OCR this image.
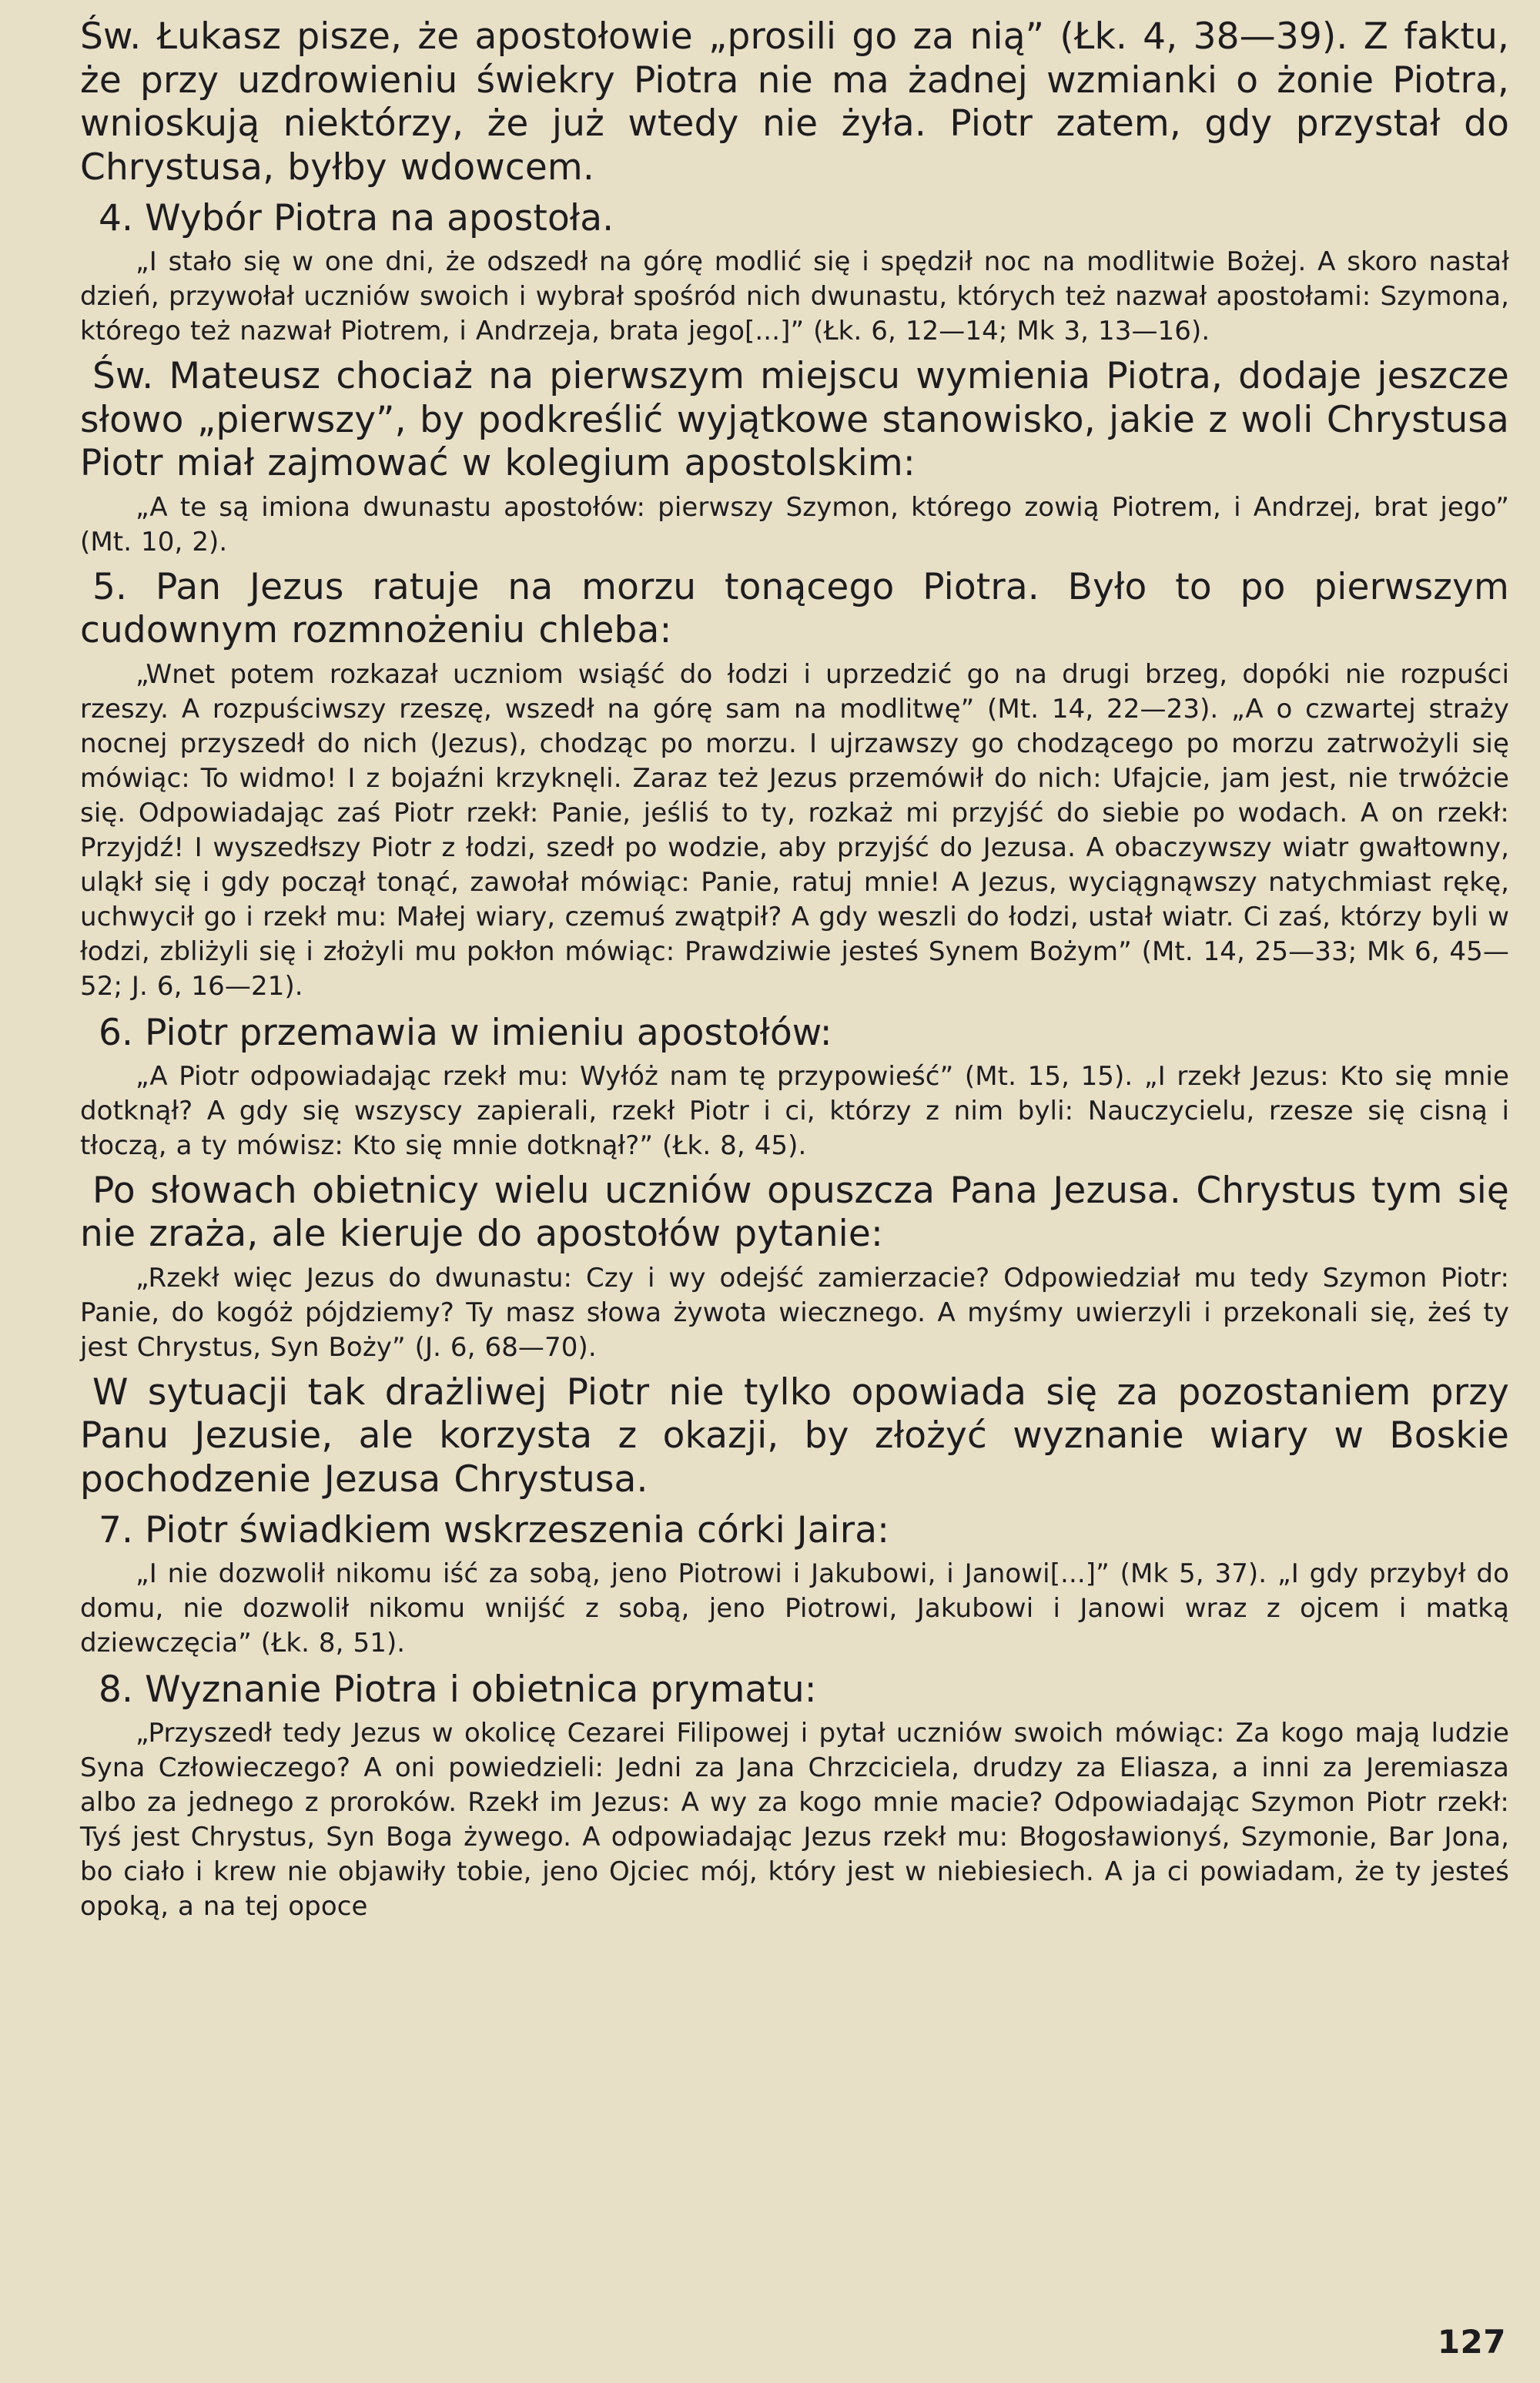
Św. Łukasz pisze, że apostołowie „prosili go za nią” (Łk. 4, 38—39). Z faktu, że przy uzdrowieniu świekry Piotra nie ma żadnej wzmianki o żonie Piotra, wnioskują niektórzy, że już wtedy nie żyła. Piotr zatem, gdy przystał do Chrystusa, byłby wdowcem.

4. Wybór Piotra na apostoła.

„I stało się w one dni, że odszedł na górę modlić się i spędził noc na modlitwie Bożej. A skoro nastał dzień, przywołał uczniów swoich i wybrał spośród nich dwunastu, których też nazwał apostołami: Szymona, którego też nazwał Piotrem, i Andrzeja, brata jego[...]” (Łk. 6, 12—14; Mk 3, 13—16).

Św. Mateusz chociaż na pierwszym miejscu wymienia Piotra, dodaje jeszcze słowo „pierwszy”, by podkreślić wyjątkowe stanowisko, jakie z woli Chrystusa Piotr miał zajmować w kolegium apostolskim:

„A te są imiona dwunastu apostołów: pierwszy Szymon, którego zowią Piotrem, i Andrzej, brat jego” (Mt. 10, 2).

5. Pan Jezus ratuje na morzu tonącego Piotra. Było to po pierwszym cudownym rozmnożeniu chleba:

„Wnet potem rozkazał uczniom wsiąść do łodzi i uprzedzić go na drugi brzeg, dopóki nie rozpuści rzeszy. A rozpuściwszy rzeszę, wszedł na górę sam na modlitwę” (Mt. 14, 22—23). „A o czwartej straży nocnej przyszedł do nich (Jezus), chodząc po morzu. I ujrzawszy go chodzącego po morzu zatrwożyli się mówiąc: To widmo! I z bojaźni krzyknęli. Zaraz też Jezus przemówił do nich: Ufajcie, jam jest, nie trwóżcie się. Odpowiadając zaś Piotr rzekł: Panie, jeśliś to ty, rozkaż mi przyjść do siebie po wodach. A on rzekł: Przyjdź! I wyszedłszy Piotr z łodzi, szedł po wodzie, aby przyjść do Jezusa. A obaczywszy wiatr gwałtowny, uląkł się i gdy począł tonąć, zawołał mówiąc: Panie, ratuj mnie! A Jezus, wyciągnąwszy natychmiast rękę, uchwycił go i rzekł mu: Małej wiary, czemuś zwątpił? A gdy weszli do łodzi, ustał wiatr. Ci zaś, którzy byli w łodzi, zbliżyli się i złożyli mu pokłon mówiąc: Prawdziwie jesteś Synem Bożym” (Mt. 14, 25—33; Mk 6, 45—52; J. 6, 16—21).

6. Piotr przemawia w imieniu apostołów:

„A Piotr odpowiadając rzekł mu: Wyłóż nam tę przypowieść” (Mt. 15, 15). „I rzekł Jezus: Kto się mnie dotknął? A gdy się wszyscy zapierali, rzekł Piotr i ci, którzy z nim byli: Nauczycielu, rzesze się cisną i tłoczą, a ty mówisz: Kto się mnie dotknął?” (Łk. 8, 45).

Po słowach obietnicy wielu uczniów opuszcza Pana Jezusa. Chrystus tym się nie zraża, ale kieruje do apostołów pytanie:

„Rzekł więc Jezus do dwunastu: Czy i wy odejść zamierzacie? Odpowiedział mu tedy Szymon Piotr: Panie, do kogóż pójdziemy? Ty masz słowa żywota wiecznego. A myśmy uwierzyli i przekonali się, żeś ty jest Chrystus, Syn Boży” (J. 6, 68—70).

W sytuacji tak drażliwej Piotr nie tylko opowiada się za pozostaniem przy Panu Jezusie, ale korzysta z okazji, by złożyć wyznanie wiary w Boskie pochodzenie Jezusa Chrystusa.

7. Piotr świadkiem wskrzeszenia córki Jaira:

„I nie dozwolił nikomu iść za sobą, jeno Piotrowi i Jakubowi, i Janowi[...]” (Mk 5, 37). „I gdy przybył do domu, nie dozwolił nikomu wnijść z sobą, jeno Piotrowi, Jakubowi i Janowi wraz z ojcem i matką dziewczęcia” (Łk. 8, 51).

8. Wyznanie Piotra i obietnica prymatu:

„Przyszedł tedy Jezus w okolicę Cezarei Filipowej i pytał uczniów swoich mówiąc: Za kogo mają ludzie Syna Człowieczego? A oni powiedzieli: Jedni za Jana Chrzciciela, drudzy za Eliasza, a inni za Jeremiasza albo za jednego z proroków. Rzekł im Jezus: A wy za kogo mnie macie? Odpowiadając Szymon Piotr rzekł: Tyś jest Chrystus, Syn Boga żywego. A odpowiadając Jezus rzekł mu: Błogosławionyś, Szymonie, Bar Jona, bo ciało i krew nie objawiły tobie, jeno Ojciec mój, który jest w niebiesiech. A ja ci powiadam, że ty jesteś opoką, a na tej opoce

127
